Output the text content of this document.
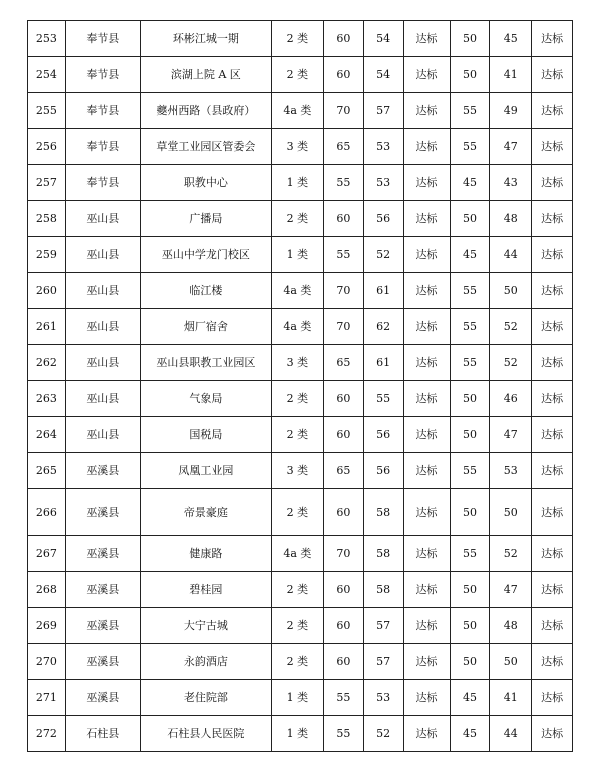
253	奉节县	环彬江城一期	2 类	60	54	达标	50	45	达标
254	奉节县	滨湖上院 A 区	2 类	60	54	达标	50	41	达标
255	奉节县	夔州西路（县政府）	4a 类	70	57	达标	55	49	达标
256	奉节县	草堂工业园区管委会	3 类	65	53	达标	55	47	达标
257	奉节县	职教中心	1 类	55	53	达标	45	43	达标
258	巫山县	广播局	2 类	60	56	达标	50	48	达标
259	巫山县	巫山中学龙门校区	1 类	55	52	达标	45	44	达标
260	巫山县	临江楼	4a 类	70	61	达标	55	50	达标
261	巫山县	烟厂宿舍	4a 类	70	62	达标	55	52	达标
262	巫山县	巫山县职教工业园区	3 类	65	61	达标	55	52	达标
263	巫山县	气象局	2 类	60	55	达标	50	46	达标
264	巫山县	国税局	2 类	60	56	达标	50	47	达标
265	巫溪县	凤凰工业园	3 类	65	56	达标	55	53	达标
266	巫溪县	帝景豪庭	2 类	60	58	达标	50	50	达标
267	巫溪县	健康路	4a 类	70	58	达标	55	52	达标
268	巫溪县	碧桂园	2 类	60	58	达标	50	47	达标
269	巫溪县	大宁古城	2 类	60	57	达标	50	48	达标
270	巫溪县	永韵酒店	2 类	60	57	达标	50	50	达标
271	巫溪县	老住院部	1 类	55	53	达标	45	41	达标
272	石柱县	石柱县人民医院	1 类	55	52	达标	45	44	达标
